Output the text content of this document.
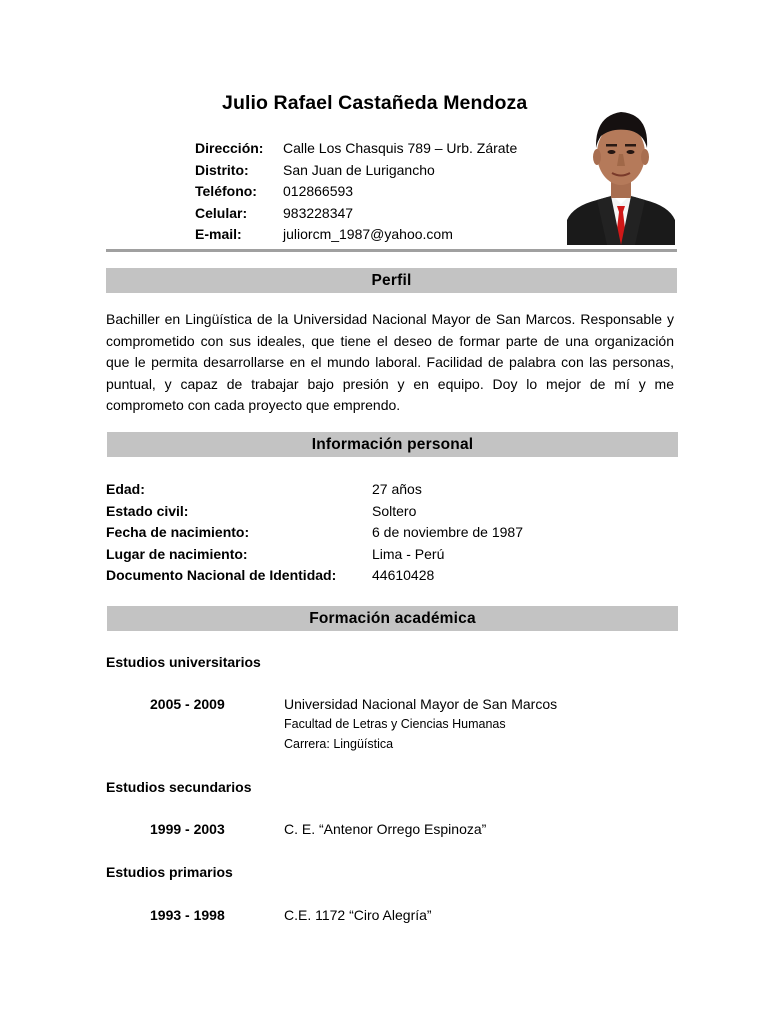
Julio Rafael Castañeda Mendoza
Dirección:	Calle Los Chasquis 789 – Urb. Zárate
Distrito:	San Juan de Lurigancho
Teléfono:	012866593
Celular:	983228347
E-mail:	juliorcm_1987@yahoo.com
Perfil
Bachiller en Lingüística de la Universidad Nacional Mayor de San Marcos. Responsable y comprometido con sus ideales, que tiene el deseo de formar parte de una organización que le permita desarrollarse en el mundo laboral. Facilidad de palabra con las personas, puntual, y capaz de trabajar bajo presión y en equipo. Doy lo mejor de mí y me comprometo con cada proyecto que emprendo.
Información personal
Edad:	27 años
Estado civil:	Soltero
Fecha de nacimiento:	6 de noviembre de 1987
Lugar de nacimiento:	Lima - Perú
Documento Nacional de Identidad:	44610428
Formación académica
Estudios universitarios
2005 - 2009	Universidad Nacional Mayor de San Marcos
Facultad de Letras y Ciencias Humanas
Carrera: Lingüística
Estudios secundarios
1999 - 2003	C. E. “Antenor Orrego Espinoza”
Estudios primarios
1993 - 1998	C.E. 1172 “Ciro Alegría”
